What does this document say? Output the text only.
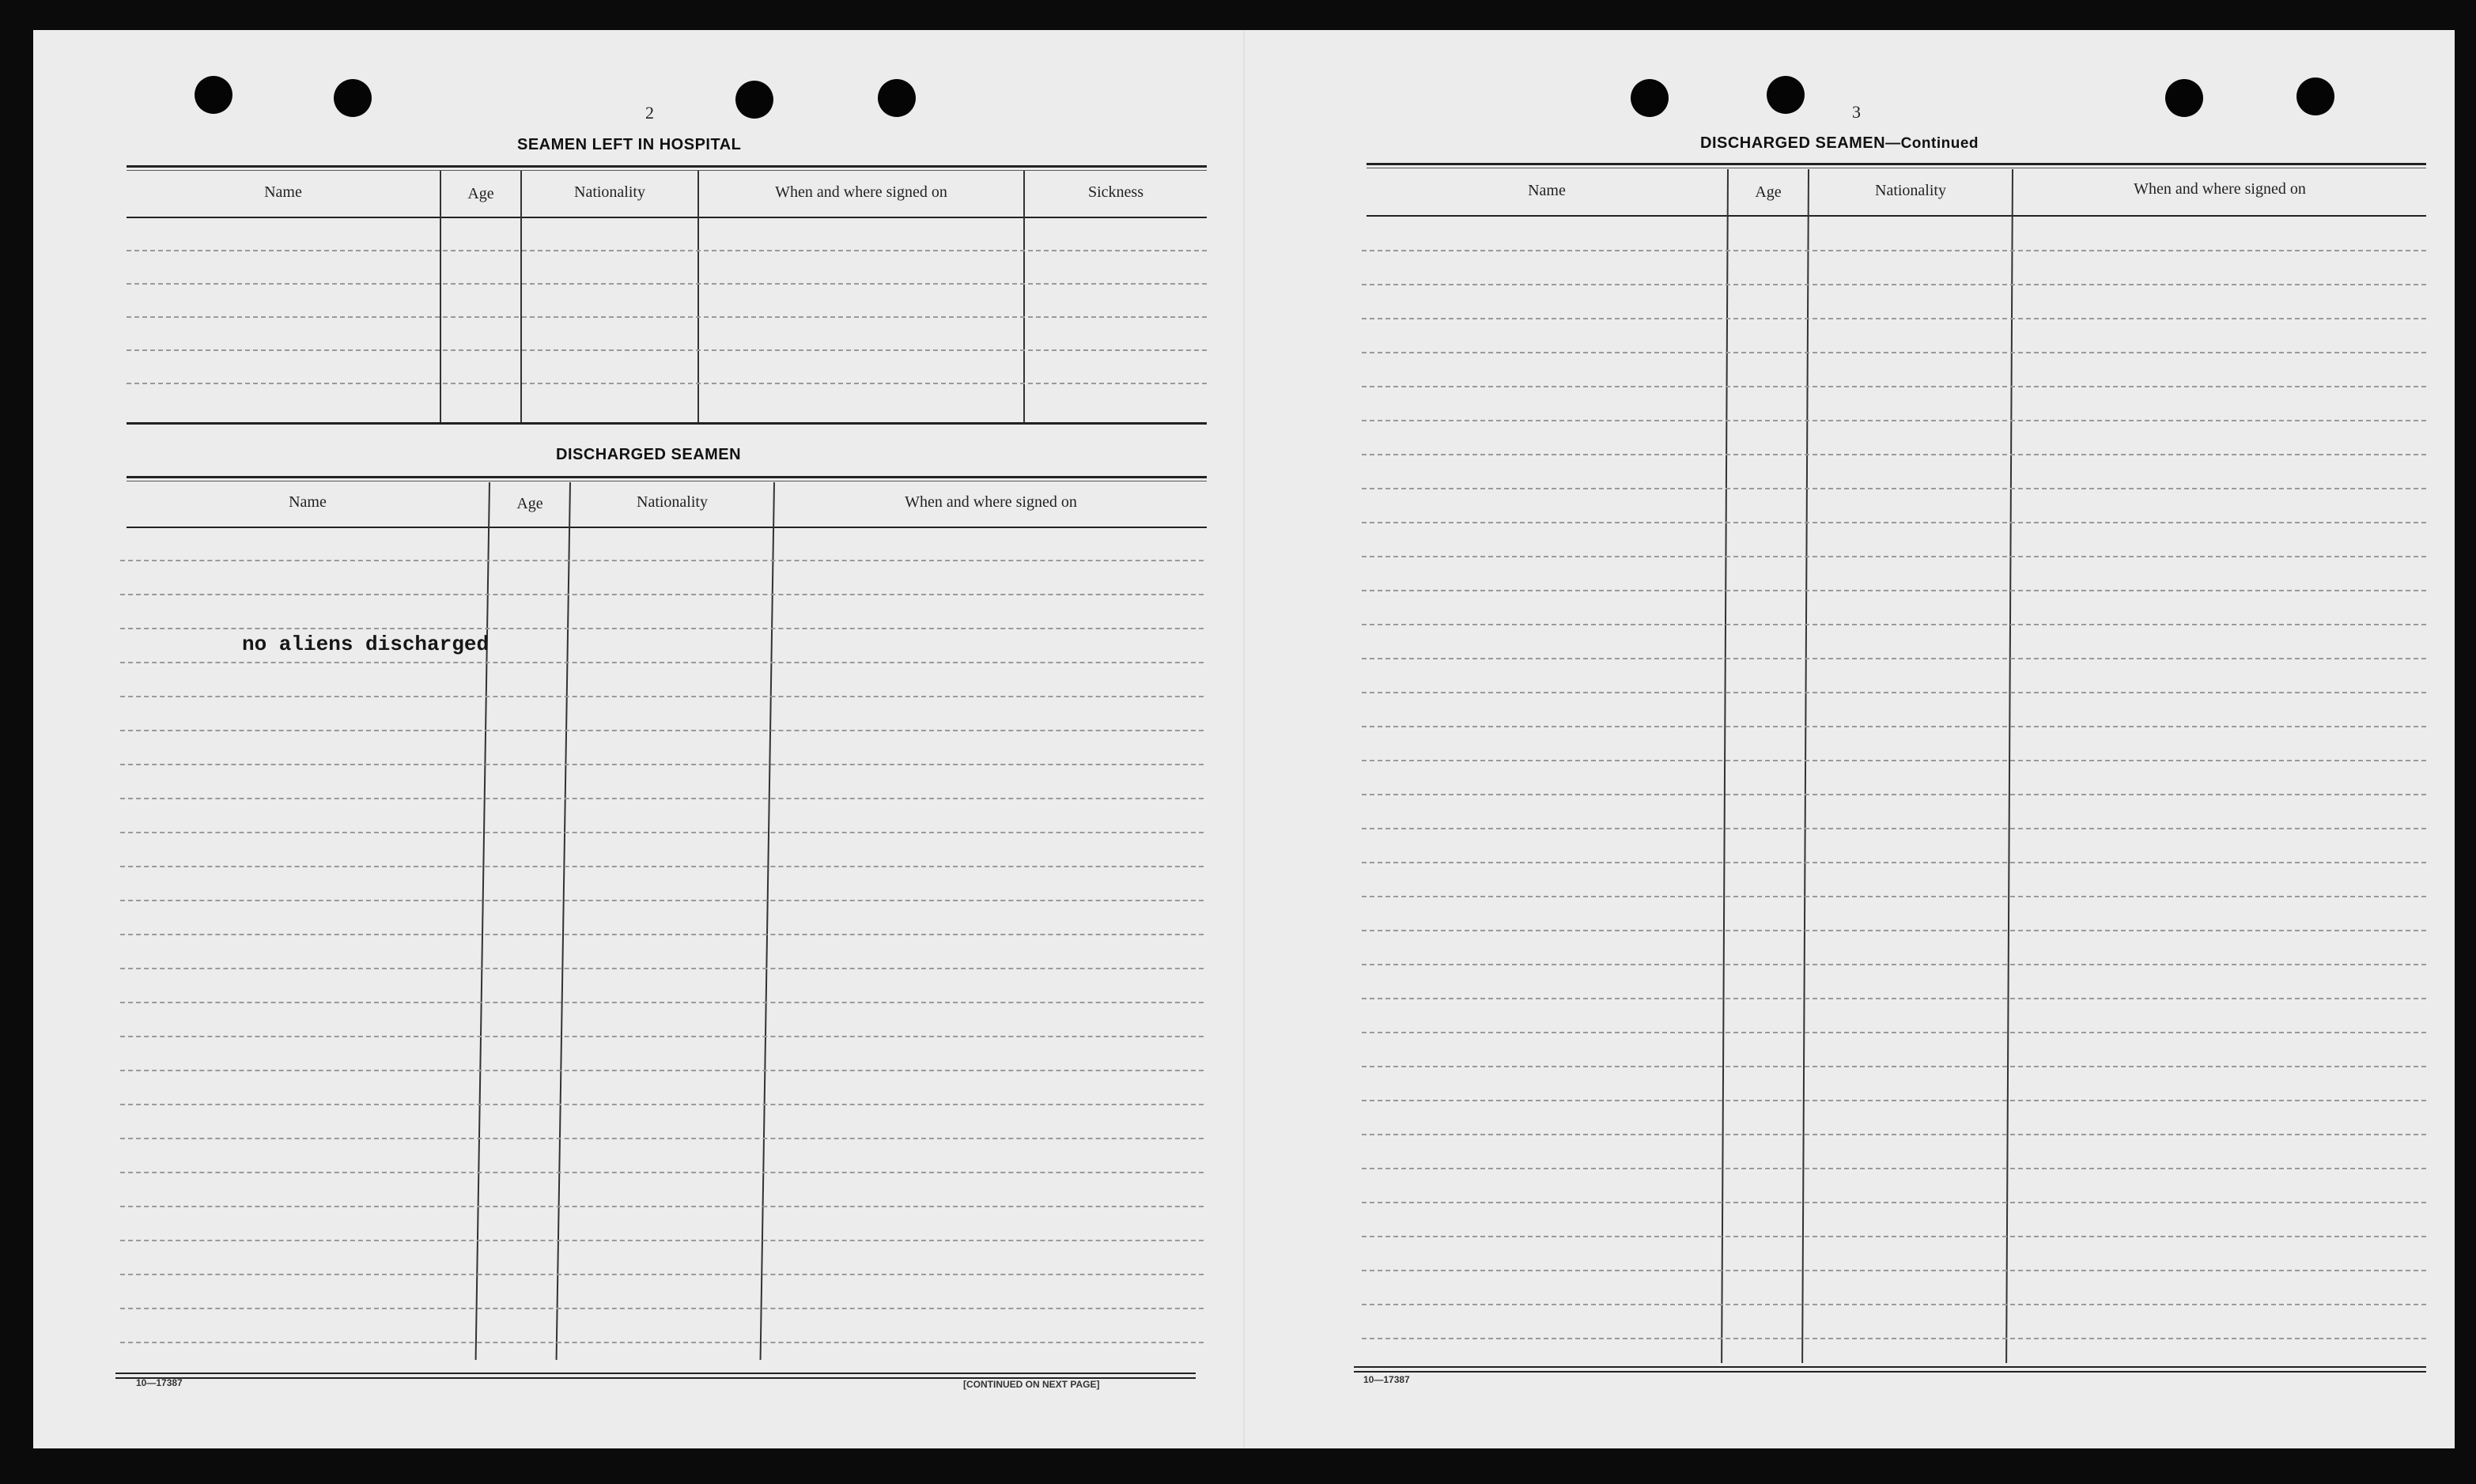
2
SEAMEN LEFT IN HOSPITAL
Name	Age	Nationality	When and where signed on	Sickness
DISCHARGED SEAMEN
Name	Age	Nationality	When and where signed on
no aliens discharged
10—17387	[CONTINUED ON NEXT PAGE]
3
DISCHARGED SEAMEN—Continued
Name	Age	Nationality	When and where signed on
10—17387
